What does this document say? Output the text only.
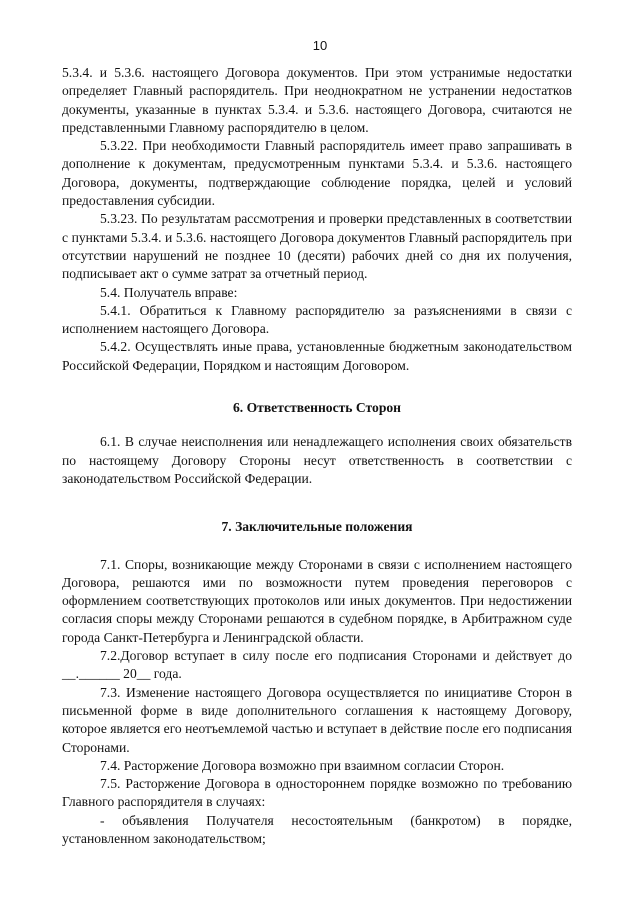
10

5.3.4. и 5.3.6. настоящего Договора документов. При этом устранимые недостатки определяет Главный распорядитель. При неоднократном не устранении недостатков документы, указанные в пунктах 5.3.4. и 5.3.6. настоящего Договора, считаются не представленными Главному распорядителю в целом.

5.3.22. При необходимости Главный распорядитель имеет право запрашивать в дополнение к документам, предусмотренным пунктами 5.3.4. и 5.3.6. настоящего Договора, документы, подтверждающие соблюдение порядка, целей и условий предоставления субсидии.

5.3.23. По результатам рассмотрения и проверки представленных в соответствии с пунктами 5.3.4. и 5.3.6. настоящего Договора документов Главный распорядитель при отсутствии нарушений не позднее 10 (десяти) рабочих дней со дня их получения, подписывает акт о сумме затрат за отчетный период.

5.4. Получатель вправе:

5.4.1. Обратиться к Главному распорядителю за разъяснениями в связи с исполнением настоящего Договора.

5.4.2. Осуществлять иные права, установленные бюджетным законодательством Российской Федерации, Порядком и настоящим Договором.

6. Ответственность Сторон

6.1. В случае неисполнения или ненадлежащего исполнения своих обязательств по настоящему Договору Стороны несут ответственность в соответствии с законодательством Российской Федерации.

7. Заключительные положения

7.1. Споры, возникающие между Сторонами в связи с исполнением настоящего Договора, решаются ими по возможности путем проведения переговоров с оформлением соответствующих протоколов или иных документов. При недостижении согласия споры между Сторонами решаются в судебном порядке, в Арбитражном суде города Санкт-Петербурга и Ленинградской области.

7.2.Договор вступает в силу после его подписания Сторонами и действует до __.______ 20__ года.

7.3. Изменение настоящего Договора осуществляется по инициативе Сторон в письменной форме в виде дополнительного соглашения к настоящему Договору, которое является его неотъемлемой частью и вступает в действие после его подписания Сторонами.

7.4. Расторжение Договора возможно при взаимном согласии Сторон.

7.5. Расторжение Договора в одностороннем порядке возможно по требованию Главного распорядителя в случаях:

- объявления Получателя несостоятельным (банкротом) в порядке, установленном законодательством;
